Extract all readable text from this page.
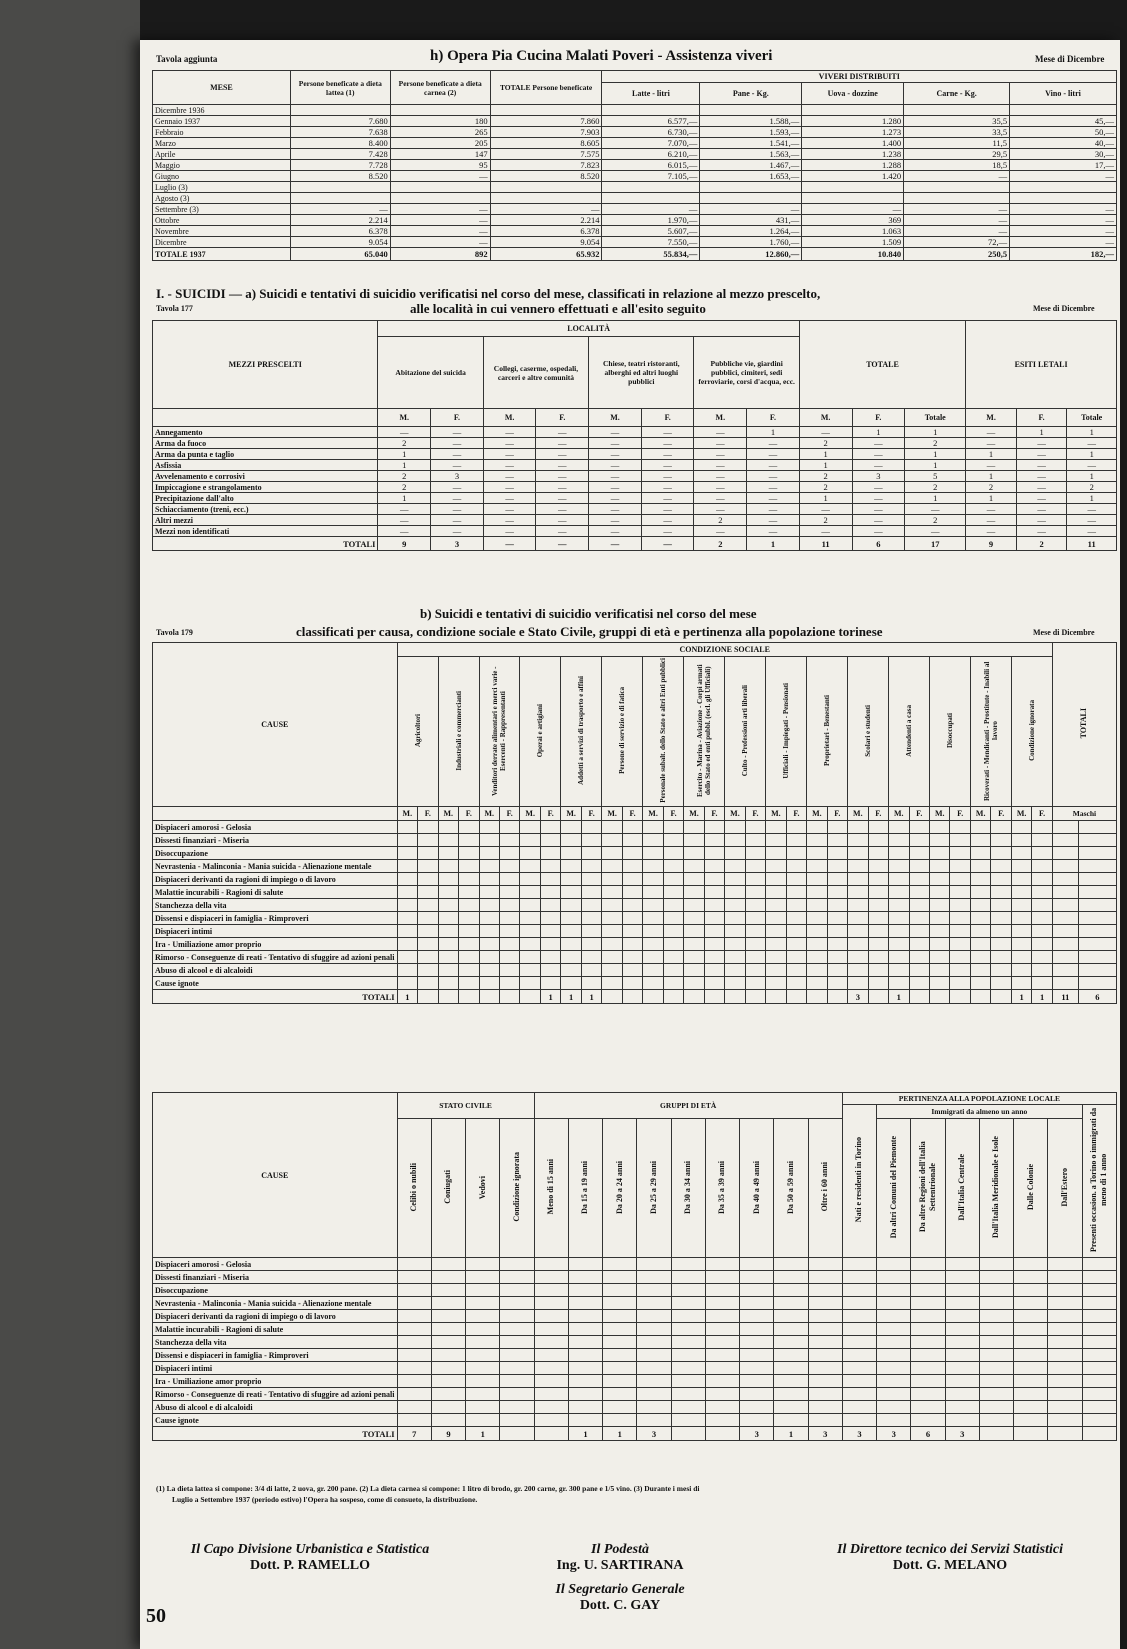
Tavola aggiunta	h) Opera Pia Cucina Malati Poveri - Assistenza viveri	Mese di Dicembre
MESE	Persone beneficate a dieta lattea (1)	Persone beneficate a dieta carnea (2)	TOTALE Persone beneficate	VIVERI DISTRIBUITI				
				Latte - litri	Pane - Kg.	Uova - dozzine	Carne - Kg.	Vino - litri
Dicembre 1936								
Gennaio 1937	7.680	180	7.860	6.577,—	1.588,—	1.280	35,5	45,—
Febbraio	7.638	265	7.903	6.730,—	1.593,—	1.273	33,5	50,—
Marzo	8.400	205	8.605	7.070,—	1.541,—	1.400	11,5	40,—
Aprile	7.428	147	7.575	6.210,—	1.563,—	1.238	29,5	30,—
Maggio	7.728	95	7.823	6.015,—	1.467,—	1.288	18,5	17,—
Giugno	8.520	—	8.520	7.105,—	1.653,—	1.420	—	—
Luglio (3)								
Agosto (3)								
Settembre (3)	—	—	—	—	—	—	—	—
Ottobre	2.214	—	2.214	1.970,—	431,—	369	—	—
Novembre	6.378	—	6.378	5.607,—	1.264,—	1.063	—	—
Dicembre	9.054	—	9.054	7.550,—	1.760,—	1.509	72,—	—
TOTALE 1937	65.040	892	65.932	55.834,—	12.860,—	10.840	250,5	182,—
I. - SUICIDI — a) Suicidi e tentativi di suicidio verificatisi nel corso del mese, classificati in relazione al mezzo prescelto,
Tavola 177	alle località in cui vennero effettuati e all'esito seguito	Mese di Dicembre
MEZZI PRESCELTI	LOCALITÀ								TOTALE			ESITI LETALI		
	Abitazione del suicida		Collegi, caserme, ospedali, carceri e altre comunità		Chiese, teatri ristoranti, alberghi ed altri luoghi pubblici		Pubbliche vie, giardini pubblici, cimiteri, sedi ferroviarie, corsi d'acqua, ecc.							
	M.	F.	M.	F.	M.	F.	M.	F.	M.	F.	Totale	M.	F.	Totale
Annegamento	—	—	—	—	—	—	—	1	—	1	1	—	1	1
Arma da fuoco	2	—	—	—	—	—	—	—	2	—	2	—	—	—
Arma da punta e taglio	1	—	—	—	—	—	—	—	1	—	1	1	—	1
Asfissia	1	—	—	—	—	—	—	—	1	—	1	—	—	—
Avvelenamento e corrosivi	2	3	—	—	—	—	—	—	2	3	5	1	—	1
Impiccagione e strangolamento	2	—	—	—	—	—	—	—	2	—	2	2	—	2
Precipitazione dall'alto	1	—	—	—	—	—	—	—	1	—	1	1	—	1
Schiacciamento (treni, ecc.)	—	—	—	—	—	—	—	—	—	—	—	—	—	—
Altri mezzi	—	—	—	—	—	—	2	—	2	—	2	—	—	—
Mezzi non identificati	—	—	—	—	—	—	—	—	—	—	—	—	—	—
TOTALI	9	3	—	—	—	—	2	1	11	6	17	9	2	11
b) Suicidi e tentativi di suicidio verificatisi nel corso del mese
Tavola 179	classificati per causa, condizione sociale e Stato Civile, gruppi di età e pertinenza alla popolazione torinese	Mese di Dicembre
CAUSE	CONDIZIONE SOCIALE																																TOTALI	
	Agricoltori		Industriali e commercianti		Venditori derrate alimentari e merci varie - Esercenti - Rappresentanti		Operai e artigiani		Addetti a servizi di trasporto e affini		Persone di servizio e di fatica		Personale subalt. dello Stato e altri Enti pubblici		Esercito - Marina - Aviazione - Corpi armati dello Stato ed enti pubbl. (escl. gli Ufficiali)		Culto - Professioni arti liberali		Ufficiali - Impiegati - Pensionati		Proprietari - Benestanti		Scolari e studenti		Attendenti a casa		Disoccupati		Ricoverati - Mendicanti - Prostitute - Inabili al lavoro		Condizione ignorata			
	M.	F.	M.	F.	M.	F.	M.	F.	M.	F.	M.	F.	M.	F.	M.	F.	M.	F.	M.	F.	M.	F.	M.	F.	M.	F.	M.	F.	M.	F.	M.	F.	Maschi	
Dispiaceri amorosi - Gelosia																																		
Dissesti finanziari - Miseria																																		
Disoccupazione																																		
Nevrastenia - Malinconia - Mania suicida - Alienazione mentale																																		
Dispiaceri derivanti da ragioni di impiego o di lavoro																																		
Malattie incurabili - Ragioni di salute																																		
Stanchezza della vita																																		
Dissensi e dispiaceri in famiglia - Rimproveri																																		
Dispiaceri intimi																																		
Ira - Umiliazione amor proprio																																		
Rimorso - Conseguenze di reati - Tentativo di sfuggire ad azioni penali																																		
Abuso di alcool e di alcaloidi																																		
Cause ignote																																		
TOTALI	1							1	1	1													3		1						1	1	11	6
CAUSE	STATO CIVILE				GRUPPI DI ETÀ									PERTINENZA ALLA POPOLAZIONE LOCALE							
														Nati e residenti in Torino	Immigrati da almeno un anno						Presenti occasion. a Torino o immigrati da meno di 1 anno
	Celibi o nubili	Coniugati	Vedovi	Condizione ignorata	Meno di 15 anni	Da 15 a 19 anni	Da 20 a 24 anni	Da 25 a 29 anni	Da 30 a 34 anni	Da 35 a 39 anni	Da 40 a 49 anni	Da 50 a 59 anni	Oltre i 60 anni		Da altri Comuni del Piemonte	Da altre Regioni dell'Italia Settentrionale	Dall'Italia Centrale	Dall'Italia Meridionale e Isole	Dalle Colonie	Dall'Estero	
Dispiaceri amorosi - Gelosia																					
Dissesti finanziari - Miseria																					
Disoccupazione																					
Nevrastenia - Malinconia - Mania suicida - Alienazione mentale																					
Dispiaceri derivanti da ragioni di impiego o di lavoro																					
Malattie incurabili - Ragioni di salute																					
Stanchezza della vita																					
Dissensi e dispiaceri in famiglia - Rimproveri																					
Dispiaceri intimi																					
Ira - Umiliazione amor proprio																					
Rimorso - Conseguenze di reati - Tentativo di sfuggire ad azioni penali																					
Abuso di alcool e di alcaloidi																					
Cause ignote																					
TOTALI	7	9	1			1	1	3			3	1	3	3	3	6	3				
(1) La dieta lattea si compone: 3/4 di latte, 2 uova, gr. 200 pane. (2) La dieta carnea si compone: 1 litro di brodo, gr. 200 carne, gr. 300 pane e 1/5 vino. (3) Durante i mesi di
Luglio a Settembre 1937 (periodo estivo) l'Opera ha sospeso, come di consueto, la distribuzione.
Il Capo Divisione Urbanistica e Statistica
Dott. P. RAMELLO
Il Podestà
Ing. U. SARTIRANA
Il Segretario Generale
Dott. C. GAY
Il Direttore tecnico dei Servizi Statistici
Dott. G. MELANO
50
